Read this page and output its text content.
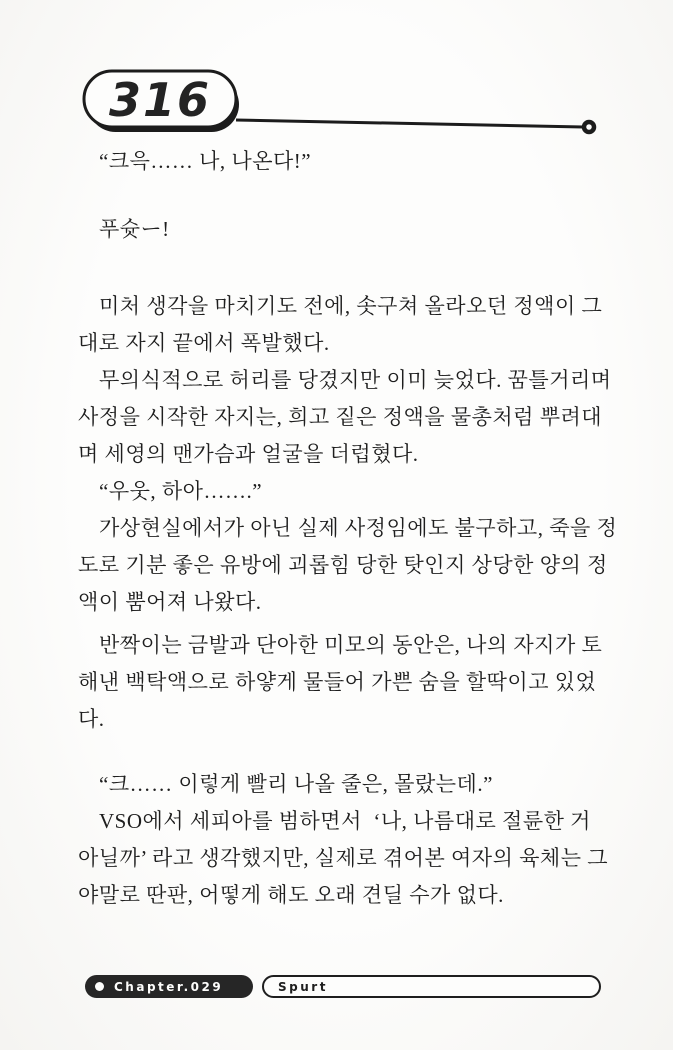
316
“크윽…… 나, 나온다!”
푸슛ー!
미처 생각을 마치기도 전에, 솟구쳐 올라오던 정액이 그
대로 자지 끝에서 폭발했다.
무의식적으로 허리를 당겼지만 이미 늦었다. 꿈틀거리며
사정을 시작한 자지는, 희고 짙은 정액을 물총처럼 뿌려대
며 세영의 맨가슴과 얼굴을 더럽혔다.
“우웃, 하아…….”
가상현실에서가 아닌 실제 사정임에도 불구하고, 죽을 정
도로 기분 좋은 유방에 괴롭힘 당한 탓인지 상당한 양의 정
액이 뿜어져 나왔다.
반짝이는 금발과 단아한 미모의 동안은, 나의 자지가 토
해낸 백탁액으로 하얗게 물들어 가쁜 숨을 할딱이고 있었
다.
“크…… 이렇게 빨리 나올 줄은, 몰랐는데.”
VSO에서 세피아를 범하면서  ‘나, 나름대로 절륜한 거
아닐까’ 라고 생각했지만, 실제로 겪어본 여자의 육체는 그
야말로 딴판, 어떻게 해도 오래 견딜 수가 없다.
Chapter.029	Spurt
